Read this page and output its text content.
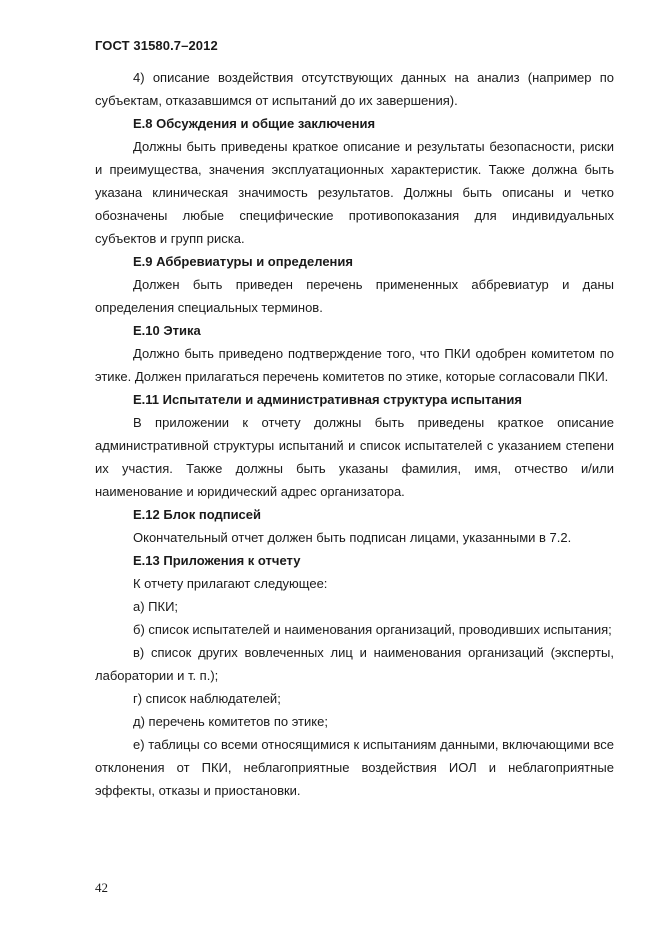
ГОСТ 31580.7–2012

4) описание воздействия отсутствующих данных на анализ (например по субъектам, отказавшимся от испытаний до их завершения).

Е.8 Обсуждения и общие заключения

Должны быть приведены краткое описание и результаты безопасности, риски и преимущества, значения эксплуатационных характеристик. Также должна быть указана клиническая значимость результатов. Должны быть описаны и четко обозначены любые специфические противопоказания для индивидуальных субъектов и групп риска.

Е.9 Аббревиатуры и определения

Должен быть приведен перечень примененных аббревиатур и даны определения специальных терминов.

Е.10 Этика

Должно быть приведено подтверждение того, что ПКИ одобрен комитетом по этике. Должен прилагаться перечень комитетов по этике, которые согласовали ПКИ.

Е.11 Испытатели и административная структура испытания

В приложении к отчету должны быть приведены краткое описание административной структуры испытаний и список испытателей с указанием степени их участия. Также должны быть указаны фамилия, имя, отчество и/или наименование и юридический адрес организатора.

Е.12 Блок подписей

Окончательный отчет должен быть подписан лицами, указанными в 7.2.

Е.13 Приложения к отчету

К отчету прилагают следующее:

а) ПКИ;

б) список испытателей и наименования организаций, проводивших испытания;

в) список других вовлеченных лиц и наименования организаций (эксперты, лаборатории и т. п.);

г) список наблюдателей;

д) перечень комитетов по этике;

е) таблицы со всеми относящимися к испытаниям данными, включающими все отклонения от ПКИ, неблагоприятные воздействия ИОЛ и неблагоприятные эффекты, отказы и приостановки.

42
